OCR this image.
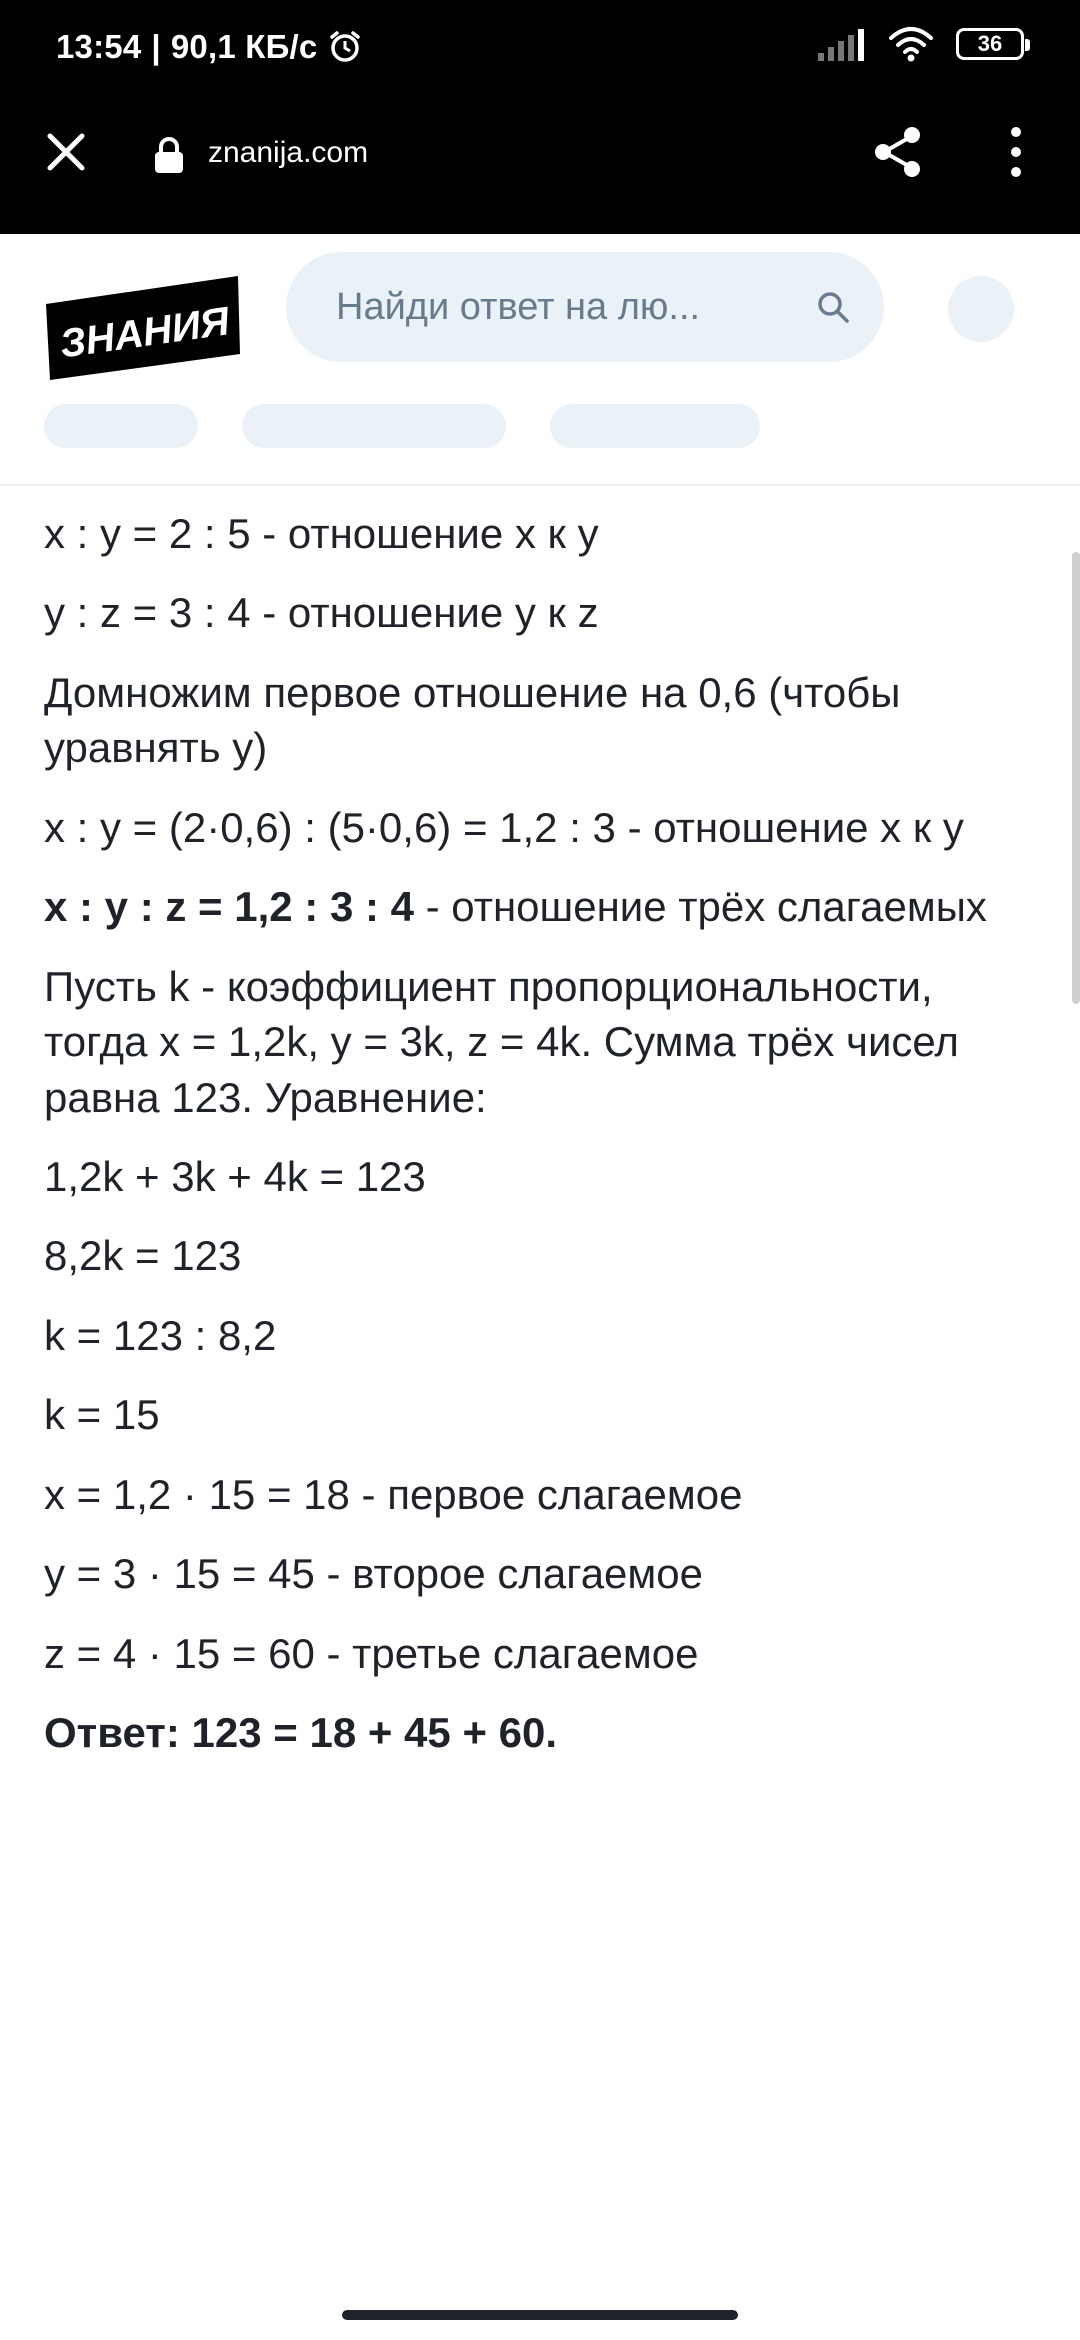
13:54 | 90,1 КБ/с	36
znanija.com
ЗНАНИЯ
Найди ответ на лю...

x : y = 2 : 5 - отношение х к у

y : z = 3 : 4 - отношение у к z

Домножим первое отношение на 0,6 (чтобы уравнять у)

x : y = (2·0,6) : (5·0,6) = 1,2 : 3 - отношение х к у

x : y : z = 1,2 : 3 : 4 - отношение трёх слагаемых

Пусть k - коэффициент пропорциональности, тогда х = 1,2k, у = 3k, z = 4k. Сумма трёх чисел равна 123. Уравнение:

1,2k + 3k + 4k = 123

8,2k = 123

k = 123 : 8,2

k = 15

x = 1,2 · 15 = 18 - первое слагаемое

y = 3 · 15 = 45 - второе слагаемое

z = 4 · 15 = 60 - третье слагаемое

Ответ: 123 = 18 + 45 + 60.
